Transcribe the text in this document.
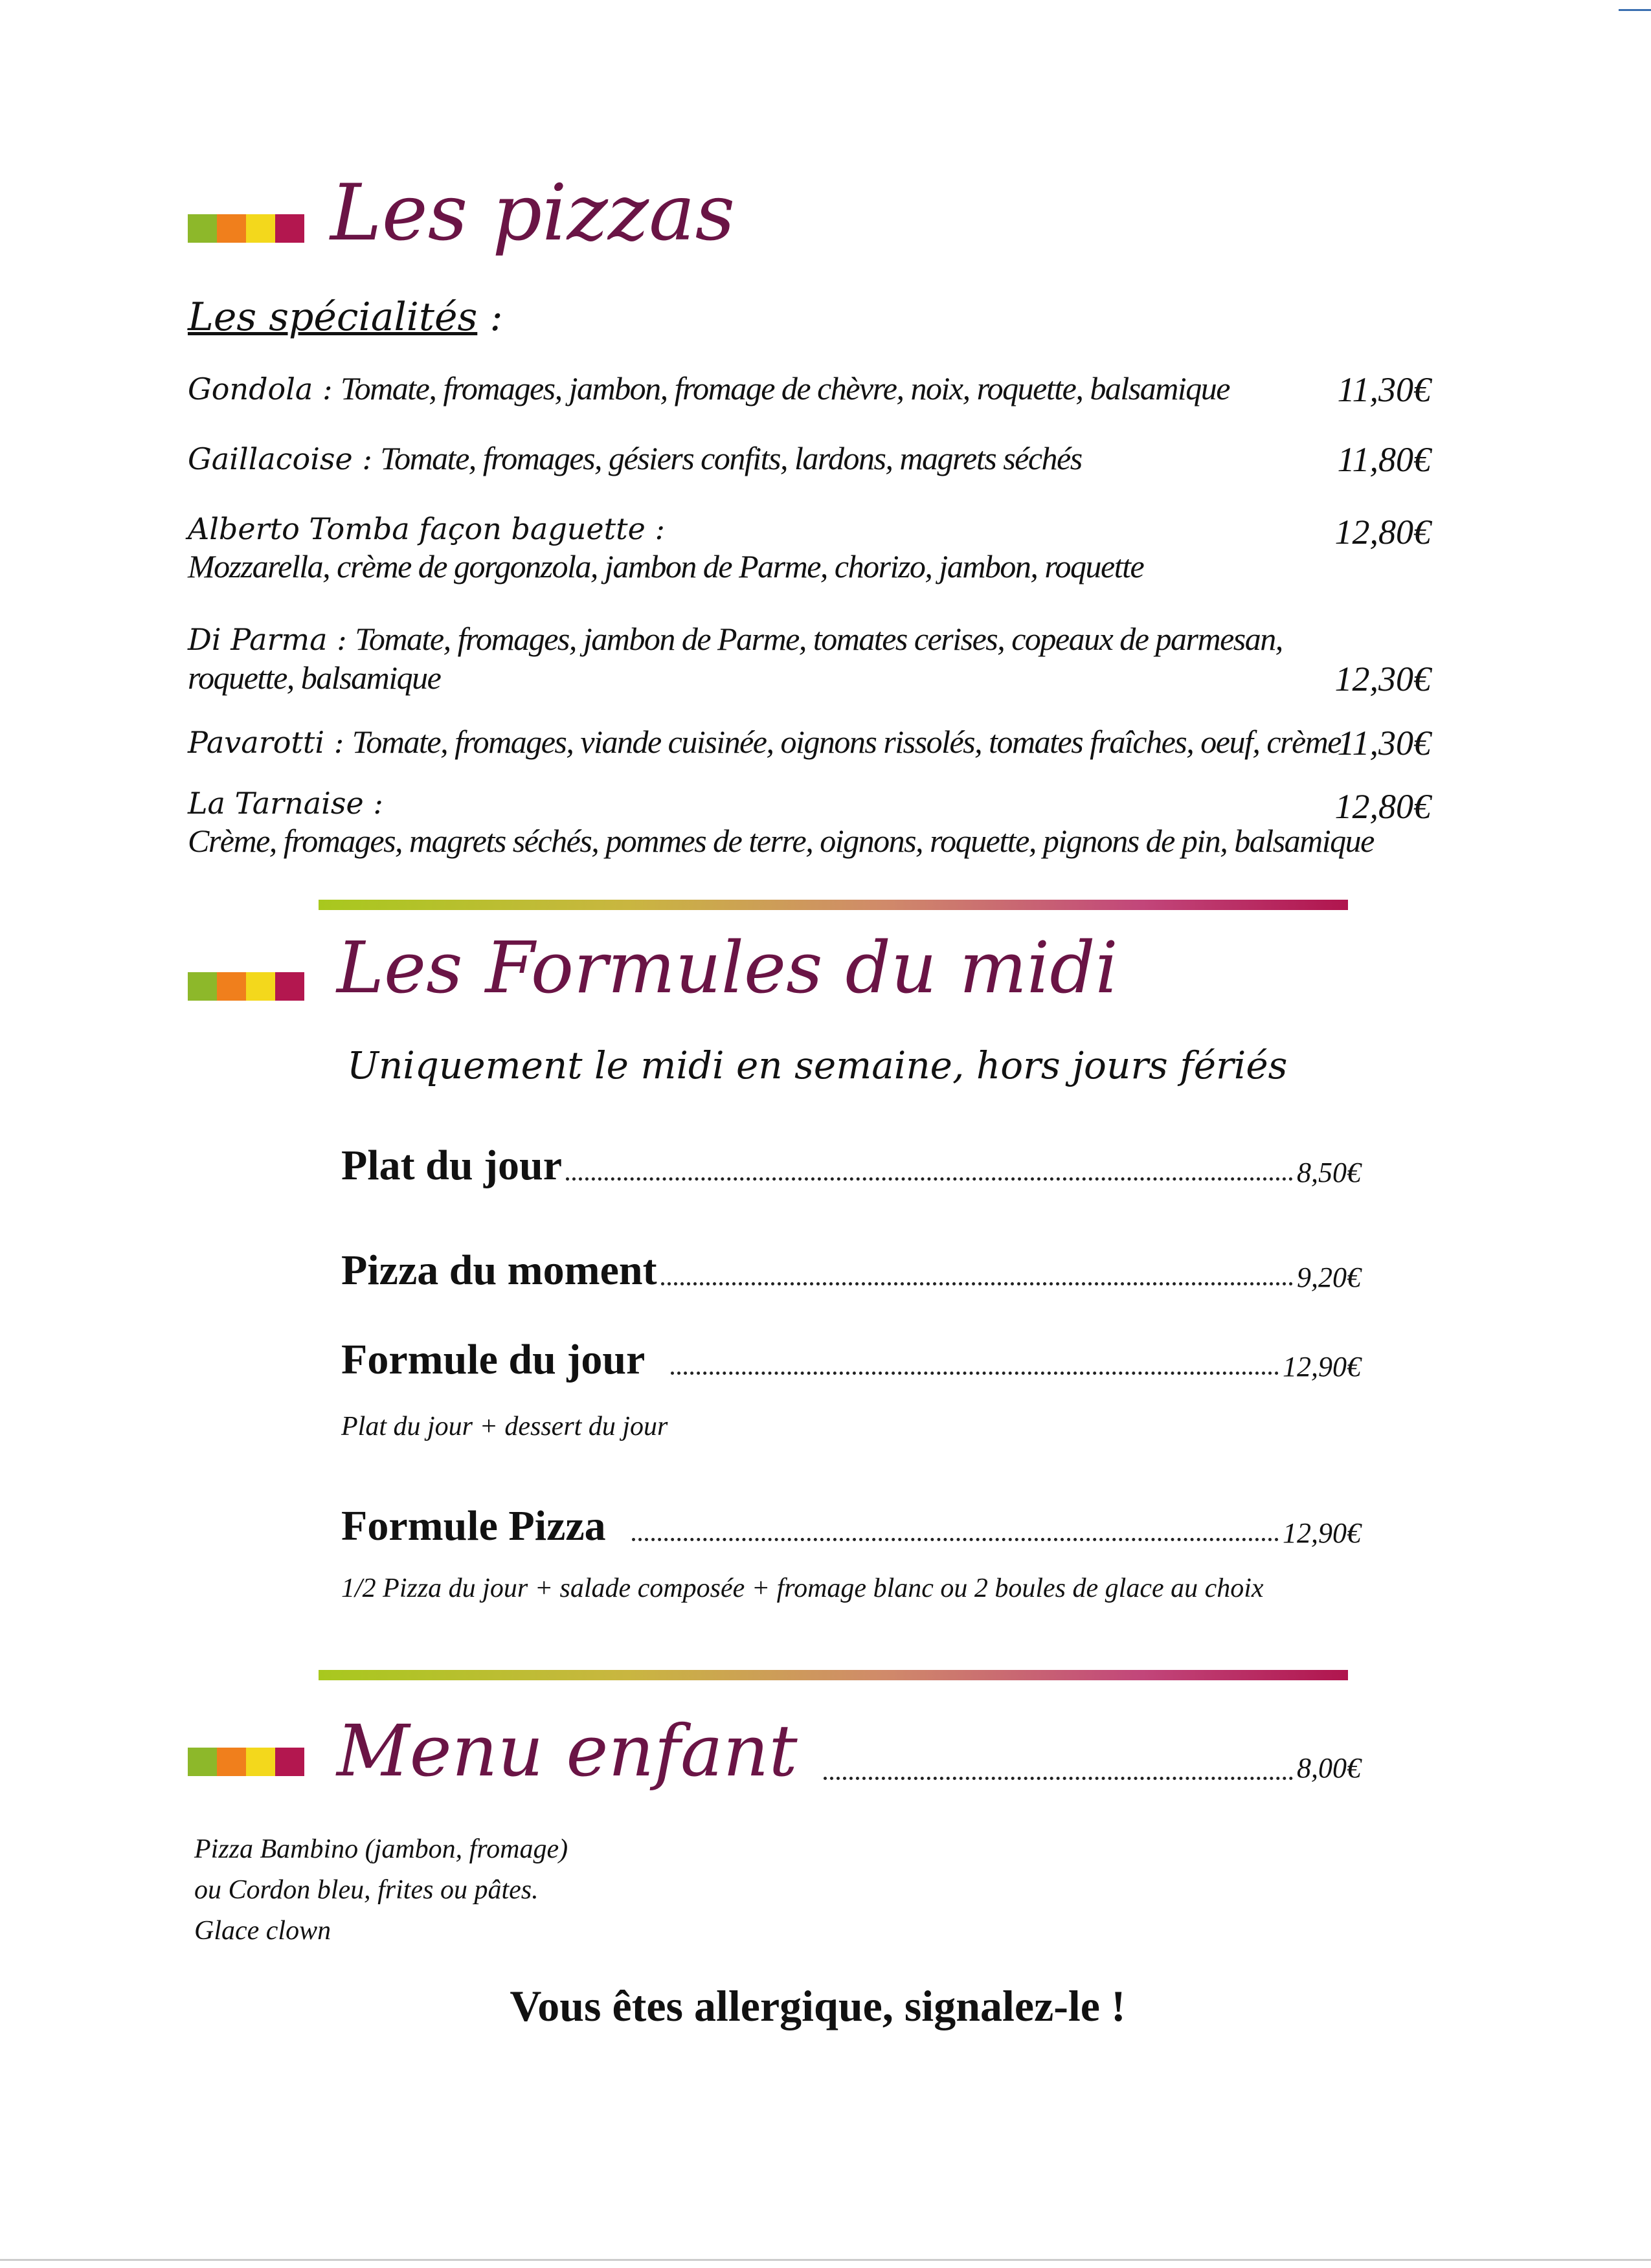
Les pizzas
Les spécialités :
Gondola : Tomate, fromages, jambon, fromage de chèvre, noix, roquette, balsamique	11,30€
Gaillacoise : Tomate, fromages, gésiers confits, lardons, magrets séchés	11,80€
Alberto Tomba façon baguette :
Mozzarella, crème de gorgonzola, jambon de Parme, chorizo, jambon, roquette
12,80€
Di Parma : Tomate, fromages, jambon de Parme, tomates cerises, copeaux de parmesan,
roquette, balsamique	12,30€
Pavarotti : Tomate, fromages, viande cuisinée, oignons rissolés, tomates fraîches, oeuf, crème
11,30€
La Tarnaise :
Crème, fromages, magrets séchés, pommes de terre, oignons, roquette, pignons de pin, balsamique
12,80€
Les Formules du midi
Uniquement le midi en semaine, hors jours fériés
Plat du jour	8,50€
Pizza du moment	9,20€
Formule du jour	12,90€
Plat du jour + dessert du jour
Formule Pizza	12,90€
1/2 Pizza du jour + salade composée + fromage blanc ou 2 boules de glace au choix
Menu enfant	8,00€
Pizza Bambino (jambon, fromage)
ou Cordon bleu, frites ou pâtes.
Glace clown
Vous êtes allergique, signalez-le !
